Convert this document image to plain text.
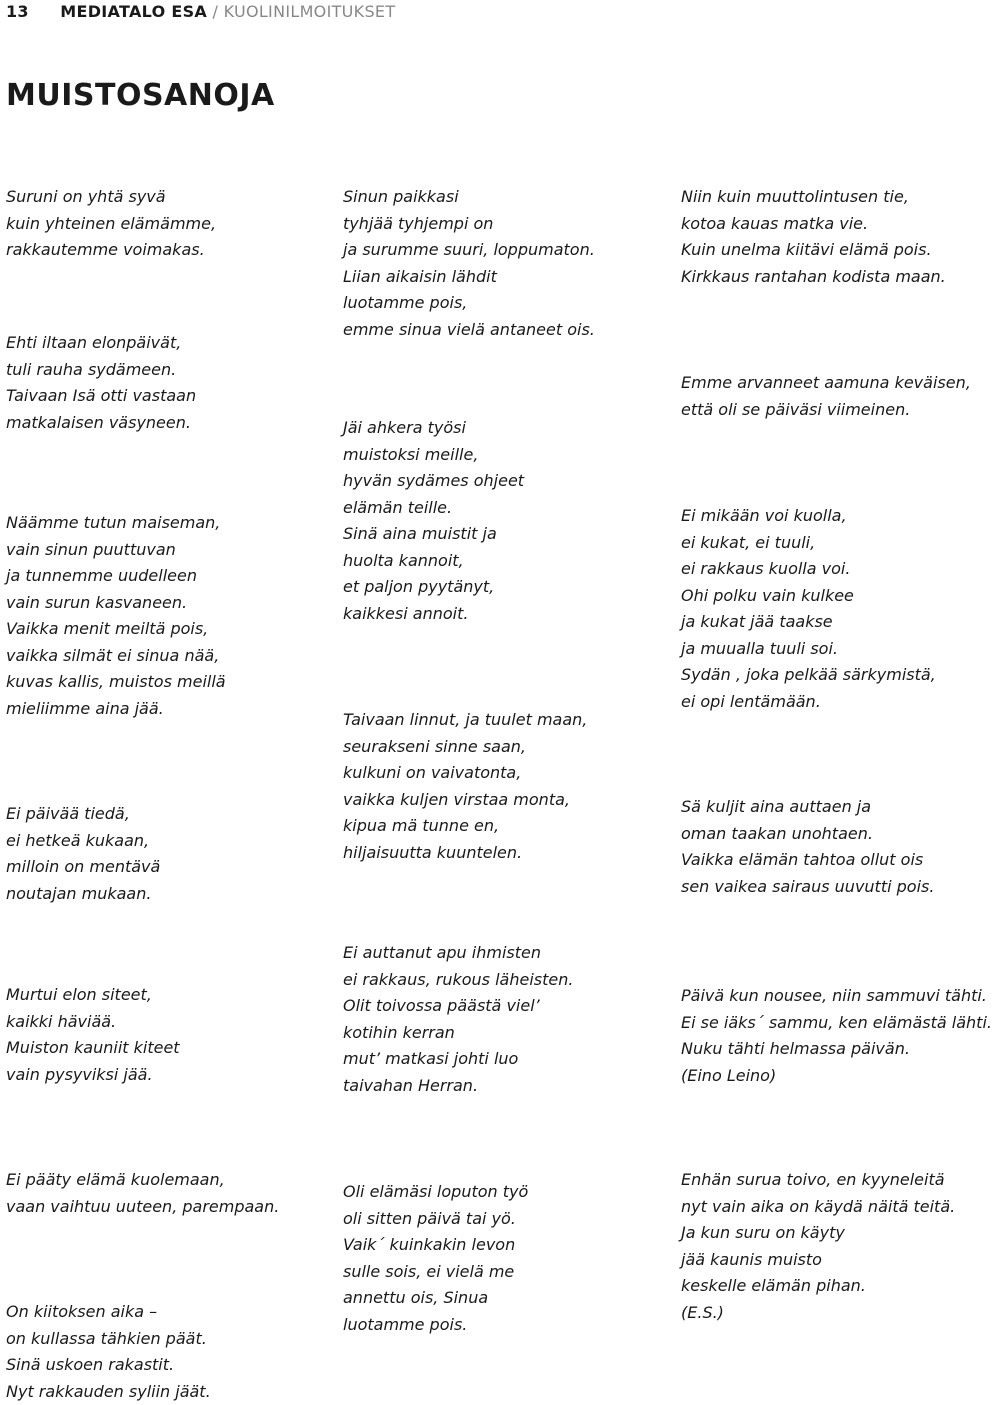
13 MEDIATALO ESA / KUOLINILMOITUKSET
MUISTOSANOJA

Suruni on yhtä syvä
kuin yhteinen elämämme,
rakkautemme voimakas.

Ehti iltaan elonpäivät,
tuli rauha sydämeen.
Taivaan Isä otti vastaan
matkalaisen väsyneen.

Näämme tutun maiseman,
vain sinun puuttuvan
ja tunnemme uudelleen
vain surun kasvaneen.
Vaikka menit meiltä pois,
vaikka silmät ei sinua nää,
kuvas kallis, muistos meillä
mieliimme aina jää.

Ei päivää tiedä,
ei hetkeä kukaan,
milloin on mentävä
noutajan mukaan.

Murtui elon siteet,
kaikki häviää.
Muiston kauniit kiteet
vain pysyviksi jää.

Ei pääty elämä kuolemaan,
vaan vaihtuu uuteen, parempaan.

On kiitoksen aika –
on kullassa tähkien päät.
Sinä uskoen rakastit.
Nyt rakkauden syliin jäät.

Sinun paikkasi
tyhjää tyhjempi on
ja surumme suuri, loppumaton.
Liian aikaisin lähdit
luotamme pois,
emme sinua vielä antaneet ois.

Jäi ahkera työsi
muistoksi meille,
hyvän sydämes ohjeet
elämän teille.
Sinä aina muistit ja
huolta kannoit,
et paljon pyytänyt,
kaikkesi annoit.

Taivaan linnut, ja tuulet maan,
seurakseni sinne saan,
kulkuni on vaivatonta,
vaikka kuljen virstaa monta,
kipua mä tunne en,
hiljaisuutta kuuntelen.

Ei auttanut apu ihmisten
ei rakkaus, rukous läheisten.
Olit toivossa päästä viel’
kotihin kerran
mut’ matkasi johti luo
taivahan Herran.

Oli elämäsi loputon työ
oli sitten päivä tai yö.
Vaik´ kuinkakin levon
sulle sois, ei vielä me
annettu ois, Sinua
luotamme pois.

Niin kuin muuttolintusen tie,
kotoa kauas matka vie.
Kuin unelma kiitävi elämä pois.
Kirkkaus rantahan kodista maan.

Emme arvanneet aamuna keväisen,
että oli se päiväsi viimeinen.

Ei mikään voi kuolla,
ei kukat, ei tuuli,
ei rakkaus kuolla voi.
Ohi polku vain kulkee
ja kukat jää taakse
ja muualla tuuli soi.
Sydän , joka pelkää särkymistä,
ei opi lentämään.

Sä kuljit aina auttaen ja
oman taakan unohtaen.
Vaikka elämän tahtoa ollut ois
sen vaikea sairaus uuvutti pois.

Päivä kun nousee, niin sammuvi tähti.
Ei se iäks´ sammu, ken elämästä lähti.
Nuku tähti helmassa päivän.
(Eino Leino)

Enhän surua toivo, en kyyneleitä
nyt vain aika on käydä näitä teitä.
Ja kun suru on käyty
jää kaunis muisto
keskelle elämän pihan.
(E.S.)
